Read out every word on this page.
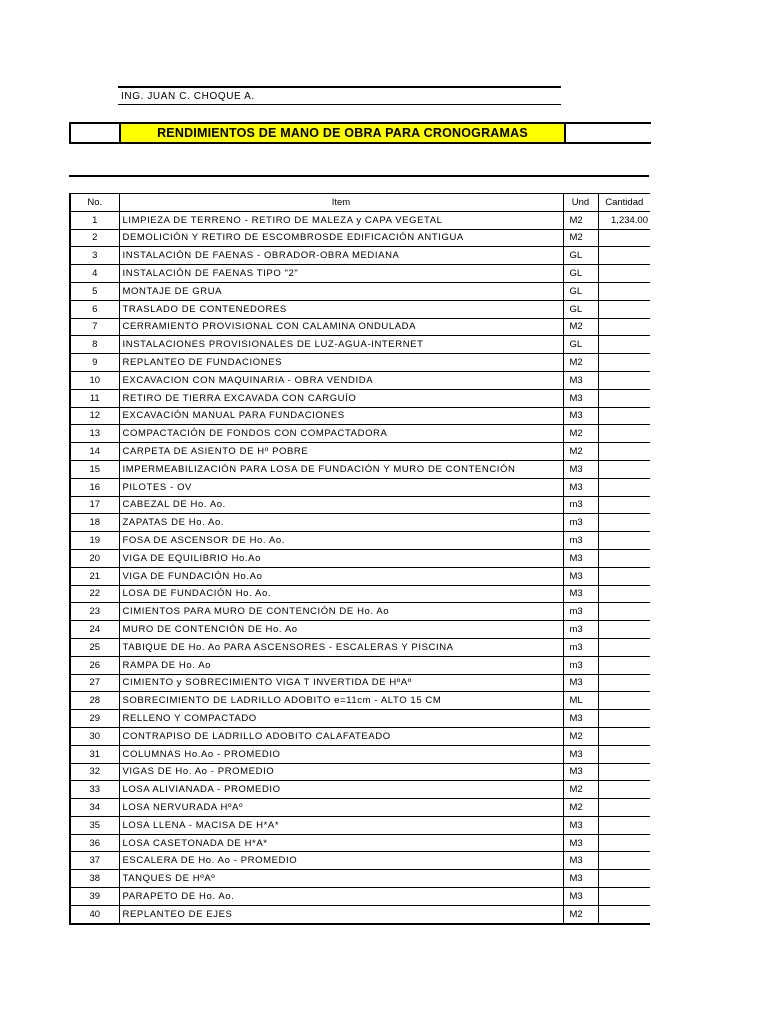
ING. JUAN C. CHOQUE A.
RENDIMIENTOS DE MANO DE OBRA PARA CRONOGRAMAS
No.	Item	Und	Cantidad
1	LIMPIEZA DE TERRENO - RETIRO DE MALEZA y CAPA VEGETAL	M2	1,234.00
2	DEMOLICIÓN Y RETIRO DE ESCOMBROSDE EDIFICACIÓN ANTIGUA	M2	
3	INSTALACIÓN DE FAENAS - OBRADOR-OBRA MEDIANA	GL	
4	INSTALACIÓN DE FAENAS TIPO "2"	GL	
5	MONTAJE DE GRUA	GL	
6	TRASLADO DE CONTENEDORES	GL	
7	CERRAMIENTO PROVISIONAL CON CALAMINA ONDULADA	M2	
8	INSTALACIONES PROVISIONALES DE LUZ-AGUA-INTERNET	GL	
9	REPLANTEO DE FUNDACIONES	M2	
10	EXCAVACION CON MAQUINARIA - OBRA VENDIDA	M3	
11	RETIRO DE TIERRA EXCAVADA CON CARGUÍO	M3	
12	EXCAVACIÓN MANUAL PARA FUNDACIONES	M3	
13	COMPACTACIÓN DE FONDOS CON COMPACTADORA	M2	
14	CARPETA DE ASIENTO DE Hº POBRE	M2	
15	IMPERMEABILIZACIÓN PARA LOSA DE FUNDACIÓN Y MURO DE CONTENCIÓN	M3	
16	PILOTES - OV	M3	
17	CABEZAL DE Ho. Ao.	m3	
18	ZAPATAS DE Ho. Ao.	m3	
19	FOSA DE ASCENSOR DE Ho. Ao.	m3	
20	VIGA DE EQUILIBRIO Ho.Ao	M3	
21	VIGA DE FUNDACIÓN Ho.Ao	M3	
22	LOSA DE FUNDACIÓN Ho. Ao.	M3	
23	CIMIENTOS PARA MURO DE CONTENCIÓN DE Ho. Ao	m3	
24	MURO DE CONTENCIÓN DE Ho. Ao	m3	
25	TABIQUE DE Ho. Ao PARA ASCENSORES - ESCALERAS Y PISCINA	m3	
26	RAMPA DE Ho. Ao	m3	
27	CIMIENTO y SOBRECIMIENTO VIGA T INVERTIDA DE HºAº	M3	
28	SOBRECIMIENTO DE LADRILLO ADOBITO e=11cm - ALTO 15 CM	ML	
29	RELLENO Y COMPACTADO	M3	
30	CONTRAPISO DE LADRILLO ADOBITO CALAFATEADO	M2	
31	COLUMNAS Ho.Ao - PROMEDIO	M3	
32	VIGAS DE Ho. Ao - PROMEDIO	M3	
33	LOSA ALIVIANADA - PROMEDIO	M2	
34	LOSA NERVURADA HºAº	M2	
35	LOSA LLENA - MACISA DE H*A*	M3	
36	LOSA CASETONADA DE H*A*	M3	
37	ESCALERA DE Ho. Ao - PROMEDIO	M3	
38	TANQUES DE HºAº	M3	
39	PARAPETO DE Ho. Ao.	M3	
40	REPLANTEO DE EJES	M2	
